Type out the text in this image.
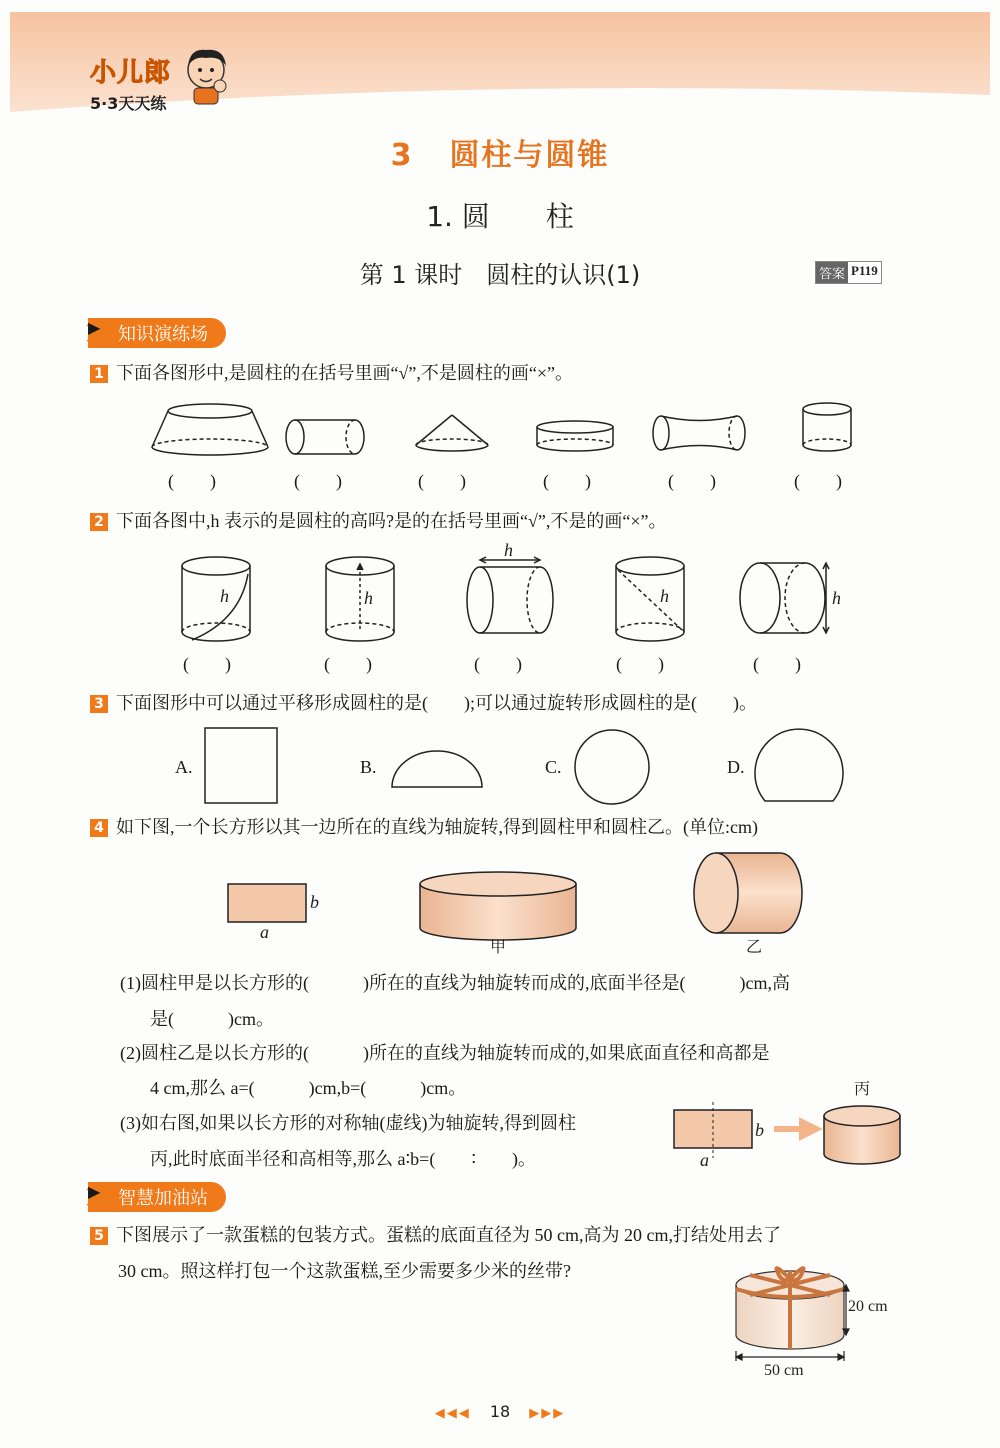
小儿郎
5·3天天练
3 圆柱与圆锥
1. 圆　　柱
第 1 课时　圆柱的认识(1)	答案 P119
知识演练场
▶
1 下面各图形中,是圆柱的在括号里画“√”,不是圆柱的画“×”。
(　　)	(　　)	(　　)	(　　)	(　　)	(　　)
2 下面各图中,h 表示的是圆柱的高吗?是的在括号里画“√”,不是的画“×”。
h	h
h
h	h
(　　)	(　　)	(　　)	(　　)	(　　)
3 下面图形中可以通过平移形成圆柱的是(　　);可以通过旋转形成圆柱的是(　　)。
A.	B.	C.	D.
4 如下图,一个长方形以其一边所在的直线为轴旋转,得到圆柱甲和圆柱乙。(单位:cm)
b
a
甲	乙
(1)圆柱甲是以长方形的(　　　)所在的直线为轴旋转而成的,底面半径是(　　　)cm,高
是(　　　)cm。
(2)圆柱乙是以长方形的(　　　)所在的直线为轴旋转而成的,如果底面直径和高都是
4 cm,那么 a=(　　　)cm,b=(　　　)cm。
(3)如右图,如果以长方形的对称轴(虚线)为轴旋转,得到圆柱
丙,此时底面半径和高相等,那么 a∶b=(　　∶　　)。
b
a
丙
智慧加油站
▶
5 下图展示了一款蛋糕的包装方式。蛋糕的底面直径为 50 cm,高为 20 cm,打结处用去了
30 cm。照这样打包一个这款蛋糕,至少需要多少米的丝带?
20 cm
50 cm
◀◀◀ 18 ▶▶▶
